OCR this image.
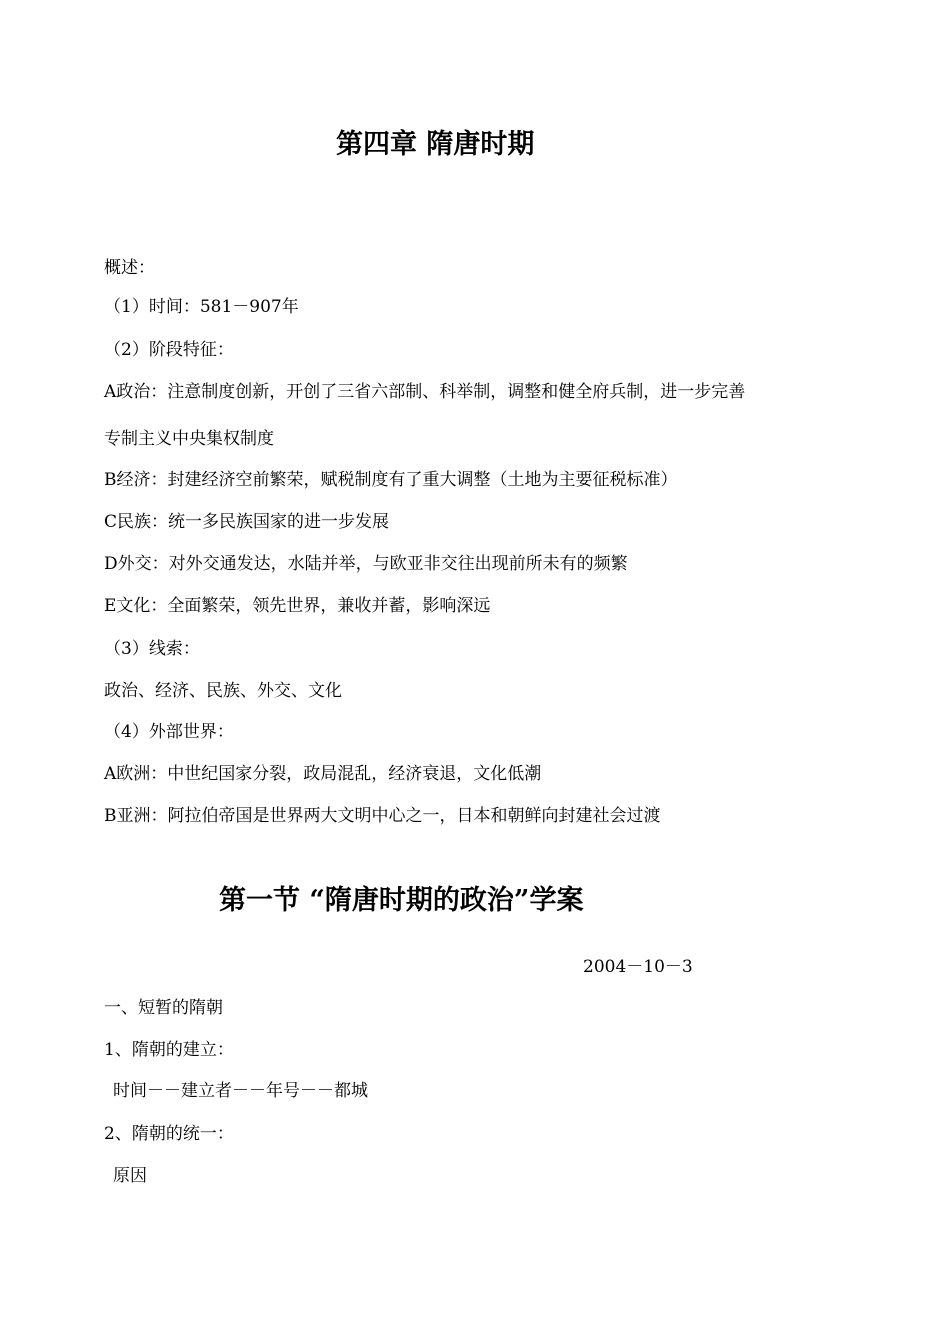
第四章 隋唐时期
概述：
（1）时间：581－907年
（2）阶段特征：
A政治：注意制度创新，开创了三省六部制、科举制，调整和健全府兵制，进一步完善
专制主义中央集权制度
B经济：封建经济空前繁荣，赋税制度有了重大调整（土地为主要征税标准）
C民族：统一多民族国家的进一步发展
D外交：对外交通发达，水陆并举，与欧亚非交往出现前所未有的频繁
E文化：全面繁荣，领先世界，兼收并蓄，影响深远
（3）线索：
政治、经济、民族、外交、文化
（4）外部世界：
A欧洲：中世纪国家分裂，政局混乱，经济衰退，文化低潮
B亚洲：阿拉伯帝国是世界两大文明中心之一，日本和朝鲜向封建社会过渡
第一节 “隋唐时期的政治”学案
2004－10－3
一、短暂的隋朝
1、隋朝的建立：
时间－－建立者－－年号－－都城
2、隋朝的统一：
原因
